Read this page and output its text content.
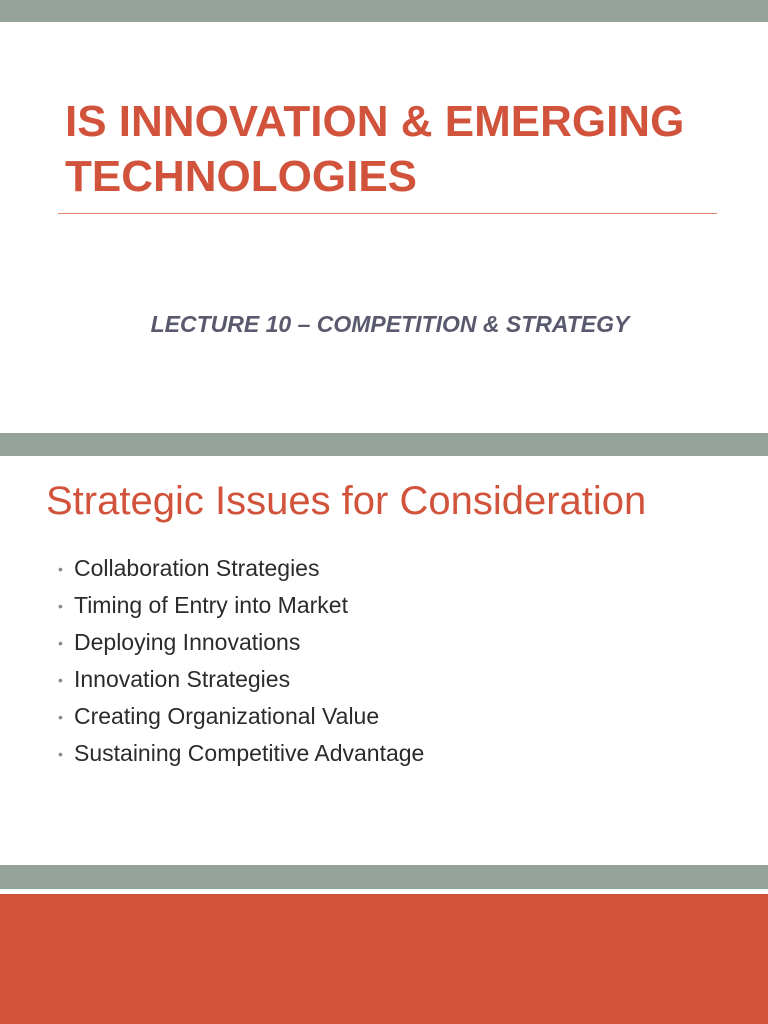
IS INNOVATION & EMERGING
TECHNOLOGIES
LECTURE 10 – COMPETITION & STRATEGY
Strategic Issues for Consideration
• Collaboration Strategies
• Timing of Entry into Market
• Deploying Innovations
• Innovation Strategies
• Creating Organizational Value
• Sustaining Competitive Advantage
